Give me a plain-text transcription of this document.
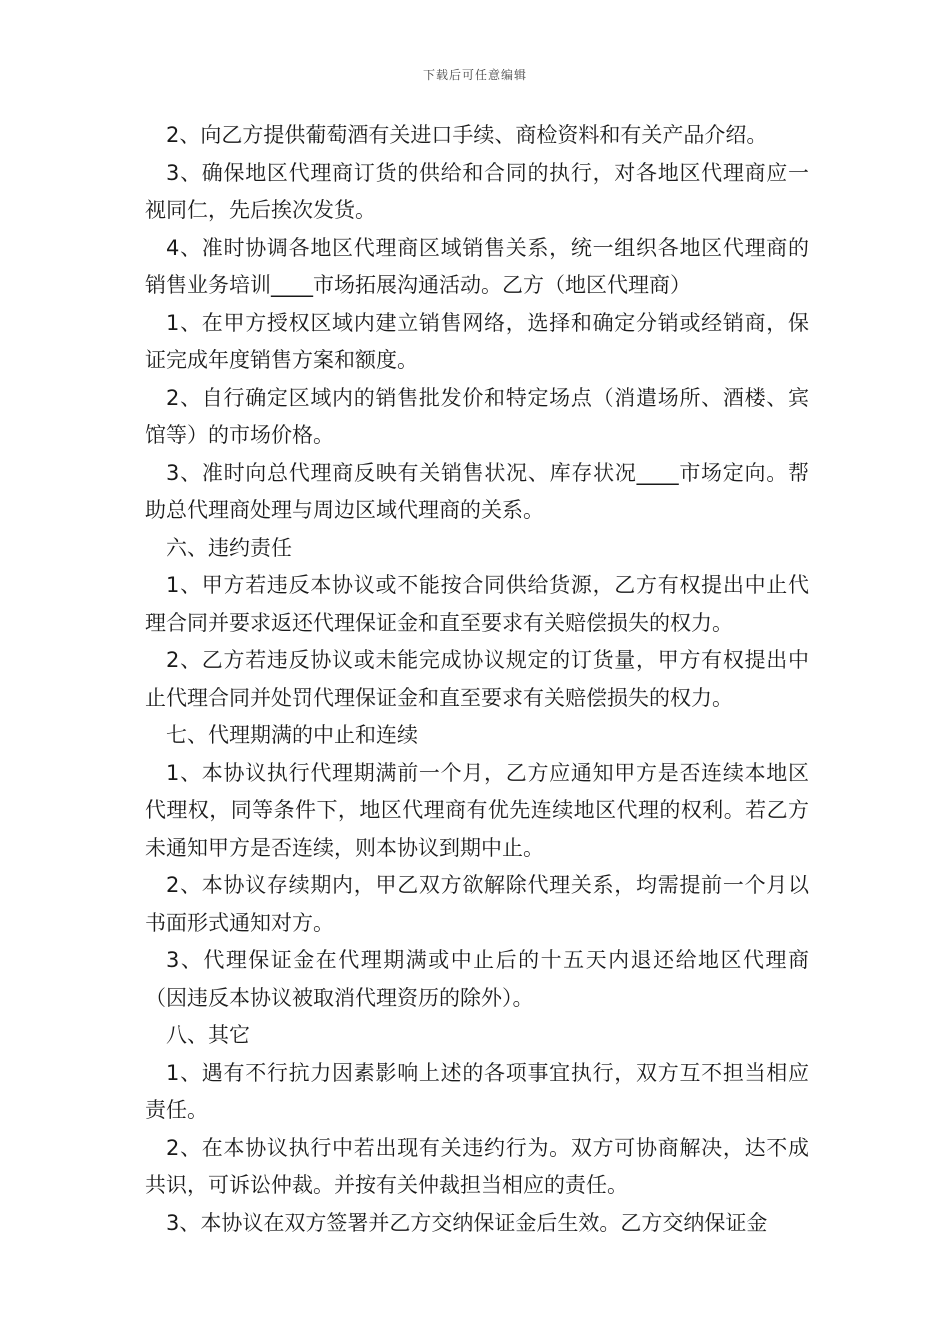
下载后可任意编辑

2、向乙方提供葡萄酒有关进口手续、商检资料和有关产品介绍。

3、确保地区代理商订货的供给和合同的执行，对各地区代理商应一视同仁，先后挨次发货。

4、准时协调各地区代理商区域销售关系，统一组织各地区代理商的销售业务培训____市场拓展沟通活动。乙方（地区代理商）

1、在甲方授权区域内建立销售网络，选择和确定分销或经销商，保证完成年度销售方案和额度。

2、自行确定区域内的销售批发价和特定场点（消遣场所、酒楼、宾馆等）的市场价格。

3、准时向总代理商反映有关销售状况、库存状况____市场定向。帮助总代理商处理与周边区域代理商的关系。

六、违约责任

1、甲方若违反本协议或不能按合同供给货源，乙方有权提出中止代理合同并要求返还代理保证金和直至要求有关赔偿损失的权力。

2、乙方若违反协议或未能完成协议规定的订货量，甲方有权提出中止代理合同并处罚代理保证金和直至要求有关赔偿损失的权力。

七、代理期满的中止和连续

1、本协议执行代理期满前一个月，乙方应通知甲方是否连续本地区代理权，同等条件下，地区代理商有优先连续地区代理的权利。若乙方未通知甲方是否连续，则本协议到期中止。

2、本协议存续期内，甲乙双方欲解除代理关系，均需提前一个月以书面形式通知对方。

3、代理保证金在代理期满或中止后的十五天内退还给地区代理商（因违反本协议被取消代理资历的除外）。

八、其它

1、遇有不行抗力因素影响上述的各项事宜执行，双方互不担当相应责任。

2、在本协议执行中若出现有关违约行为。双方可协商解决，达不成共识，可诉讼仲裁。并按有关仲裁担当相应的责任。

3、本协议在双方签署并乙方交纳保证金后生效。乙方交纳保证金
